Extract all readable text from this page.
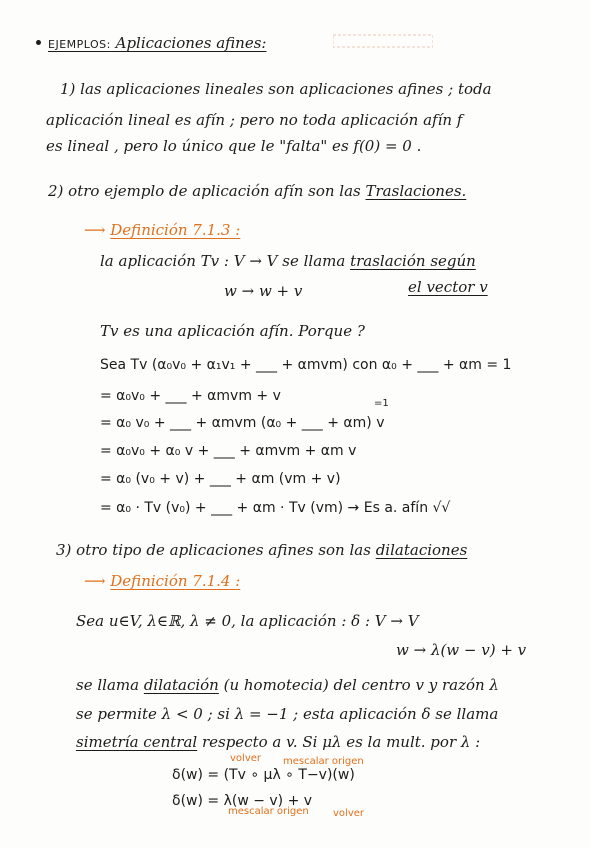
EJEMPLOS: Aplicaciones afines:
1) las aplicaciones lineales son aplicaciones afines ; toda
aplicación lineal es afín ; pero no toda aplicación afín f
es lineal , pero lo único que le "falta" es f(0) = 0 .
2) otro ejemplo de aplicación afín son las Traslaciones.
⟶ Definición 7.1.3 :
la aplicación Tv : V → V se llama traslación según
w → w + v	el vector v
Tv es una aplicación afín. Porque ?
Sea Tv (α₀v₀ + α₁v₁ + ___ + αmvm) con α₀ + ___ + αm = 1
= α₀v₀ + ___ + αmvm + v	=1
= α₀ v₀ + ___ + αmvm (α₀ + ___ + αm) v
= α₀v₀ + α₀ v + ___ + αmvm + αm v
= α₀ (v₀ + v) + ___ + αm (vm + v)
= α₀ · Tv (v₀) + ___ + αm · Tv (vm) → Es a. afín √√
3) otro tipo de aplicaciones afines son las dilataciones
⟶ Definición 7.1.4 :
Sea u∈V, λ∈ℝ, λ ≠ 0, la aplicación : δ : V → V
w → λ(w − v) + v
se llama dilatación (u homotecia) del centro v y razón λ
se permite λ < 0 ; si λ = −1 ; esta aplicación δ se llama
simetría central respecto a v. Si μλ es la mult. por λ :
volver mescalar origen
δ(w) = (Tv ∘ μλ ∘ T−v)(w)
δ(w) = λ(w − v) + v
mescalar origen volver
